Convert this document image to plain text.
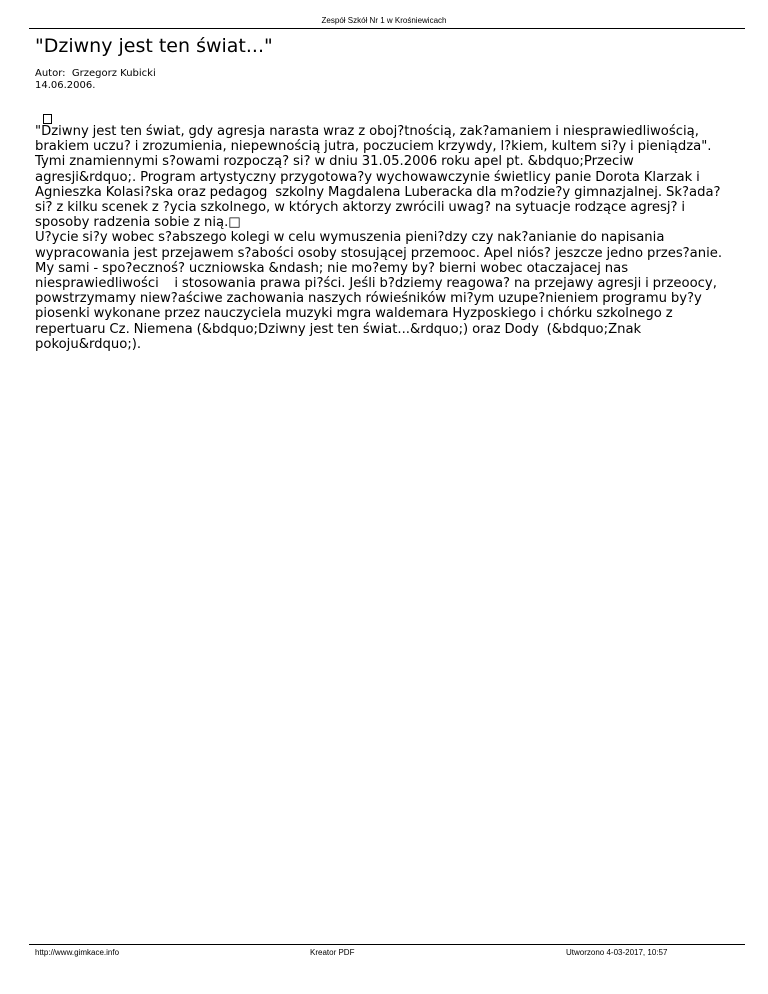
Zespół Szkół Nr 1 w Krośniewicach
"Dziwny jest ten świat..."
Autor:  Grzegorz Kubicki
14.06.2006.
"Dziwny jest ten świat, gdy agresja narasta wraz z oboj?tnością, zak?amaniem i niesprawiedliwością,
brakiem uczu? i zrozumienia, niepewnością jutra, poczuciem krzywdy, l?kiem, kultem si?y i pieniądza".
Tymi znamiennymi s?owami rozpoczą? si? w dniu 31.05.2006 roku apel pt. &bdquo;Przeciw
agresji&rdquo;. Program artystyczny przygotowa?y wychowawczynie świetlicy panie Dorota Klarzak i
Agnieszka Kolasi?ska oraz pedagog  szkolny Magdalena Luberacka dla m?odzie?y gimnazjalnej. Sk?ada?
si? z kilku scenek z ?ycia szkolnego, w których aktorzy zwrócili uwag? na sytuacje rodzące agresj? i
sposoby radzenia sobie z nią.□
U?ycie si?y wobec s?abszego kolegi w celu wymuszenia pieni?dzy czy nak?anianie do napisania
wypracowania jest przejawem s?abości osoby stosującej przemooc. Apel niós? jeszcze jedno przes?anie.
My sami - spo?ecznoś? uczniowska &ndash; nie mo?emy by? bierni wobec otaczajacej nas
niesprawiedliwości    i stosowania prawa pi?ści. Jeśli b?dziemy reagowa? na przejawy agresji i przeoocy,
powstrzymamy niew?aściwe zachowania naszych rówieśników mi?ym uzupe?nieniem programu by?y
piosenki wykonane przez nauczyciela muzyki mgra waldemara Hyzposkiego i chórku szkolnego z
repertuaru Cz. Niemena (&bdquo;Dziwny jest ten świat...&rdquo;) oraz Dody  (&bdquo;Znak
pokoju&rdquo;).
http://www.gimkace.info	Kreator PDF	Utworzono 4-03-2017, 10:57
